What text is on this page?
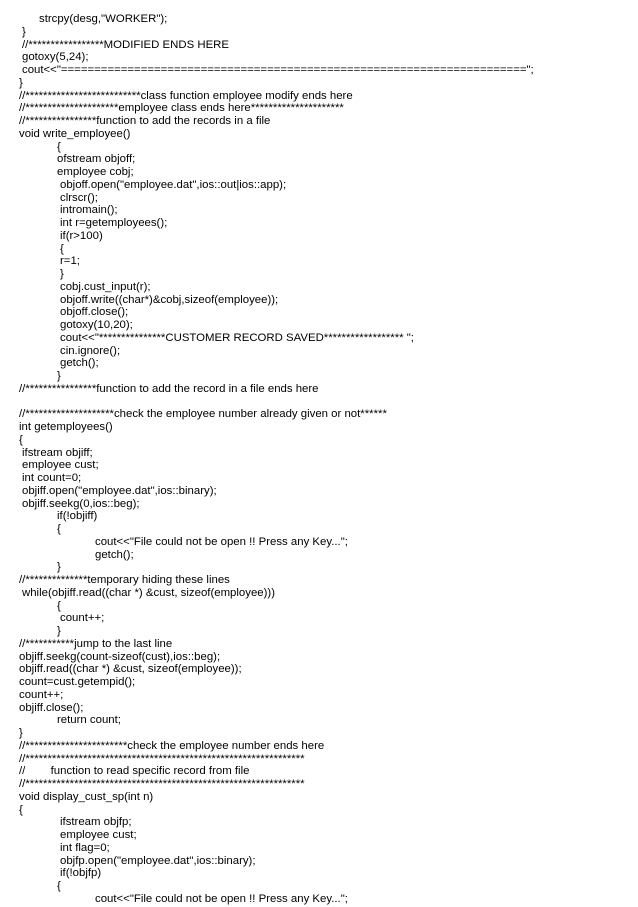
strcpy(desg,"WORKER");
}
//*****************MODIFIED ENDS HERE
gotoxy(5,24);
cout<<"======================================================================";
}
//**************************class function employee modify ends here
//*********************employee class ends here*********************
//****************function to add the records in a file
void write_employee()
{
ofstream objoff;
employee cobj;
objoff.open("employee.dat",ios::out|ios::app);
clrscr();
intromain();
int r=getemployees();
if(r>100)
{
r=1;
}
cobj.cust_input(r);
objoff.write((char*)&cobj,sizeof(employee));
objoff.close();
gotoxy(10,20);
cout<<"***************CUSTOMER RECORD SAVED****************** ";
cin.ignore();
getch();
}
//****************function to add the record in a file ends here
//********************check the employee number already given or not******
int getemployees()
{
ifstream objiff;
employee cust;
int count=0;
objiff.open("employee.dat",ios::binary);
objiff.seekg(0,ios::beg);
if(!objiff)
{
cout<<"File could not be open !! Press any Key...";
getch();
}
//**************temporary hiding these lines
while(objiff.read((char *) &cust, sizeof(employee)))
{
count++;
}
//***********jump to the last line
objiff.seekg(count-sizeof(cust),ios::beg);
objiff.read((char *) &cust, sizeof(employee));
count=cust.getempid();
count++;
objiff.close();
return count;
}
//***********************check the employee number ends here
//***************************************************************
//        function to read specific record from file
//***************************************************************
void display_cust_sp(int n)
{
ifstream objfp;
employee cust;
int flag=0;
objfp.open("employee.dat",ios::binary);
if(!objfp)
{
cout<<"File could not be open !! Press any Key...";
